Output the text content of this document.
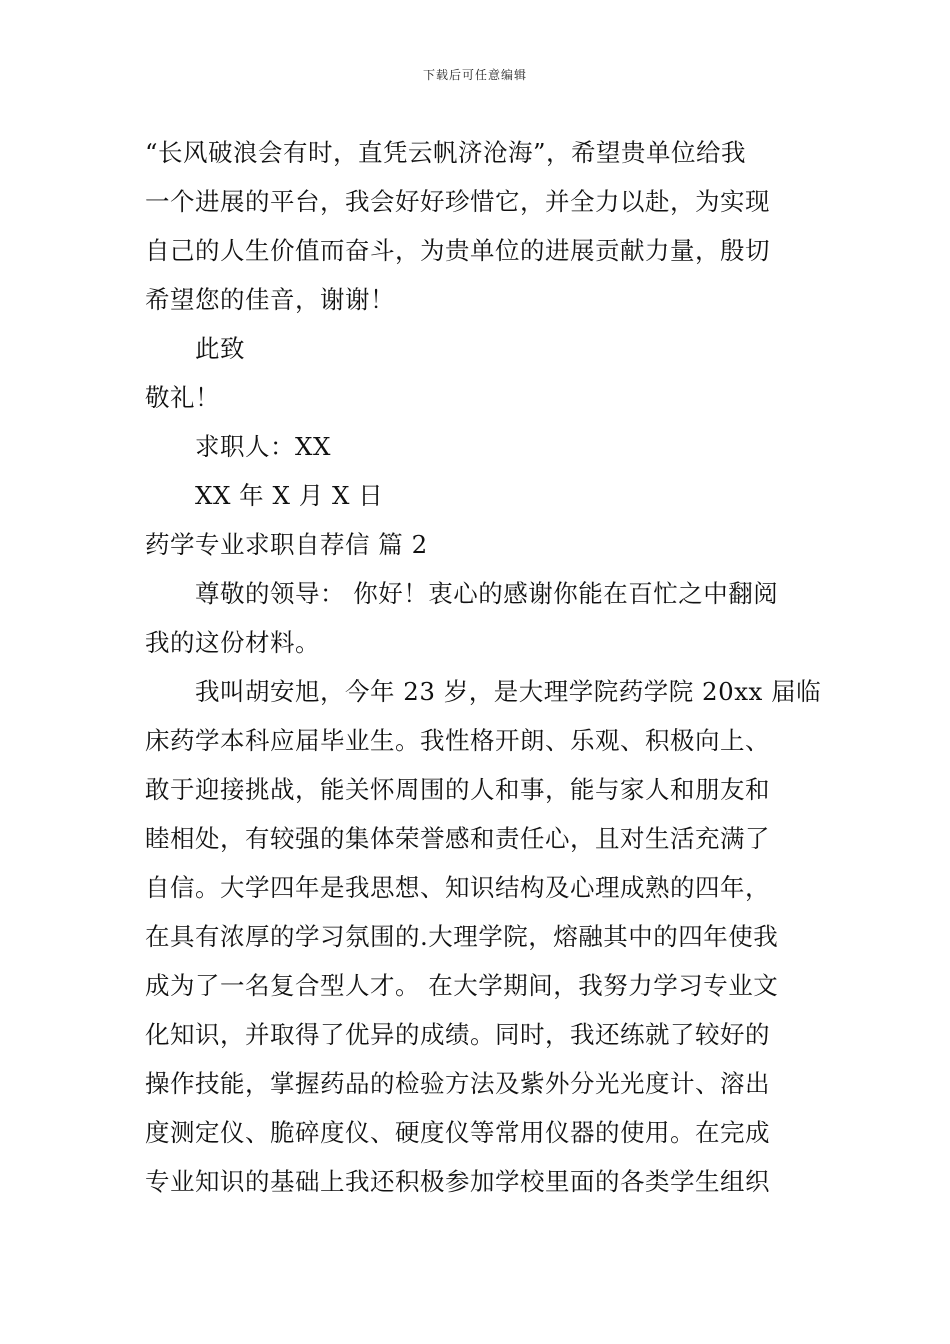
下载后可任意编辑
“长风破浪会有时，直凭云帆济沧海”，希望贵单位给我
一个进展的平台，我会好好珍惜它，并全力以赴，为实现
自己的人生价值而奋斗，为贵单位的进展贡献力量，殷切
希望您的佳音，谢谢！
此致
敬礼！
求职人：XX
XX 年 X 月 X 日
药学专业求职自荐信 篇 2
尊敬的领导： 你好！衷心的感谢你能在百忙之中翻阅
我的这份材料。
我叫胡安旭，今年 23 岁，是大理学院药学院 20xx 届临
床药学本科应届毕业生。我性格开朗、乐观、积极向上、
敢于迎接挑战，能关怀周围的人和事，能与家人和朋友和
睦相处，有较强的集体荣誉感和责任心，且对生活充满了
自信。大学四年是我思想、知识结构及心理成熟的四年，
在具有浓厚的学习氛围的.大理学院，熔融其中的四年使我
成为了一名复合型人才。 在大学期间，我努力学习专业文
化知识，并取得了优异的成绩。同时，我还练就了较好的
操作技能，掌握药品的检验方法及紫外分光光度计、溶出
度测定仪、脆碎度仪、硬度仪等常用仪器的使用。在完成
专业知识的基础上我还积极参加学校里面的各类学生组织
